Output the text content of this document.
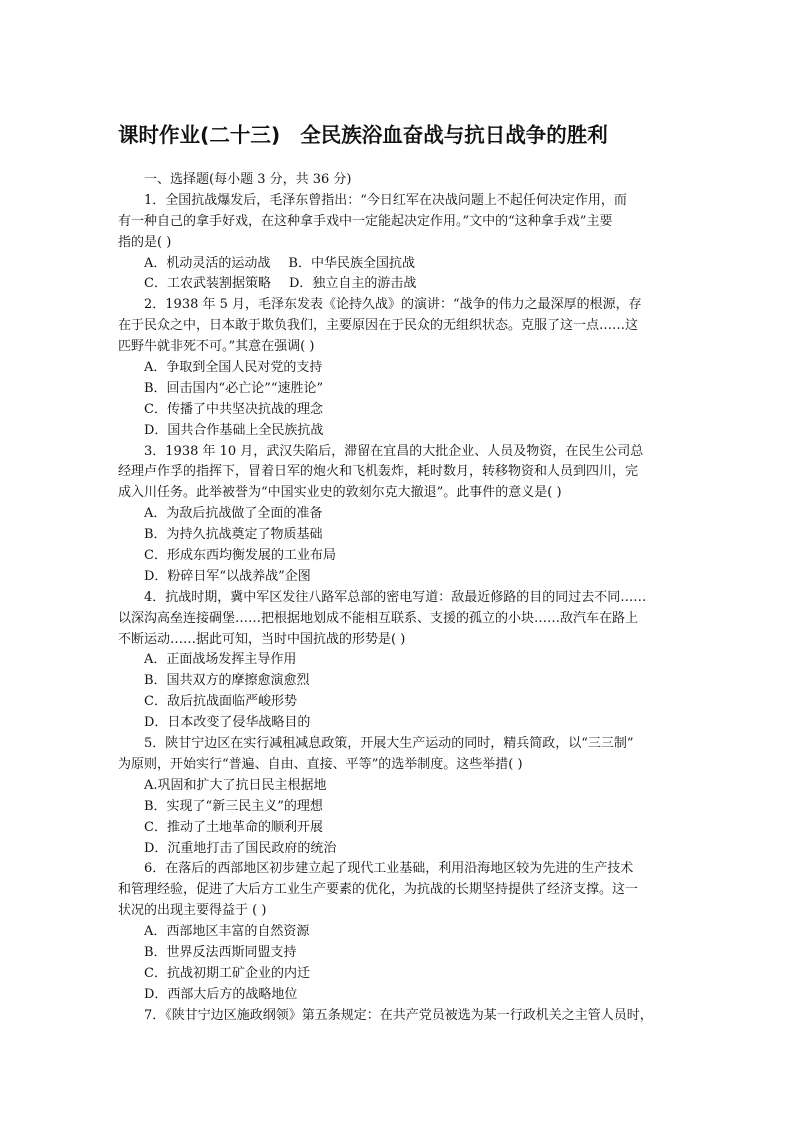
课时作业(二十三) 全民族浴血奋战与抗日战争的胜利
一、选择题(每小题 3 分，共 36 分)
1．全国抗战爆发后，毛泽东曾指出：“今日红军在决战问题上不起任何决定作用，而
有一种自己的拿手好戏，在这种拿手戏中一定能起决定作用。”文中的“这种拿手戏”主要
指的是( )
A．机动灵活的运动战 B．中华民族全国抗战
C．工农武装割据策略 D．独立自主的游击战
2．1938 年 5 月，毛泽东发表《论持久战》的演讲：“战争的伟力之最深厚的根源，存
在于民众之中，日本敢于欺负我们，主要原因在于民众的无组织状态。克服了这一点……这
匹野牛就非死不可。”其意在强调( )
A．争取到全国人民对党的支持
B．回击国内“必亡论”“速胜论”
C．传播了中共坚决抗战的理念
D．国共合作基础上全民族抗战
3．1938 年 10 月，武汉失陷后，滞留在宜昌的大批企业、人员及物资，在民生公司总
经理卢作孚的指挥下，冒着日军的炮火和飞机轰炸，耗时数月，转移物资和人员到四川，完
成入川任务。此举被誉为“中国实业史的敦刻尔克大撤退”。此事件的意义是( )
A．为敌后抗战做了全面的准备
B．为持久抗战奠定了物质基础
C．形成东西均衡发展的工业布局
D．粉碎日军“以战养战”企图
4．抗战时期，冀中军区发往八路军总部的密电写道：敌最近修路的目的同过去不同……
以深沟高垒连接碉堡……把根据地划成不能相互联系、支援的孤立的小块……敌汽车在路上
不断运动……据此可知，当时中国抗战的形势是( )
A．正面战场发挥主导作用
B．国共双方的摩擦愈演愈烈
C．敌后抗战面临严峻形势
D．日本改变了侵华战略目的
5．陕甘宁边区在实行减租减息政策，开展大生产运动的同时，精兵简政，以“三三制”
为原则，开始实行“普遍、自由、直接、平等”的选举制度。这些举措( )
A.巩固和扩大了抗日民主根据地
B．实现了“新三民主义”的理想
C．推动了土地革命的顺利开展
D．沉重地打击了国民政府的统治
6．在落后的西部地区初步建立起了现代工业基础，利用沿海地区较为先进的生产技术
和管理经验，促进了大后方工业生产要素的优化，为抗战的长期坚持提供了经济支撑。这一
状况的出现主要得益于 ( )
A．西部地区丰富的自然资源
B．世界反法西斯同盟支持
C．抗战初期工矿企业的内迁
D．西部大后方的战略地位
7．《陕甘宁边区施政纲领》第五条规定：在共产党员被选为某一行政机关之主管人员时，
